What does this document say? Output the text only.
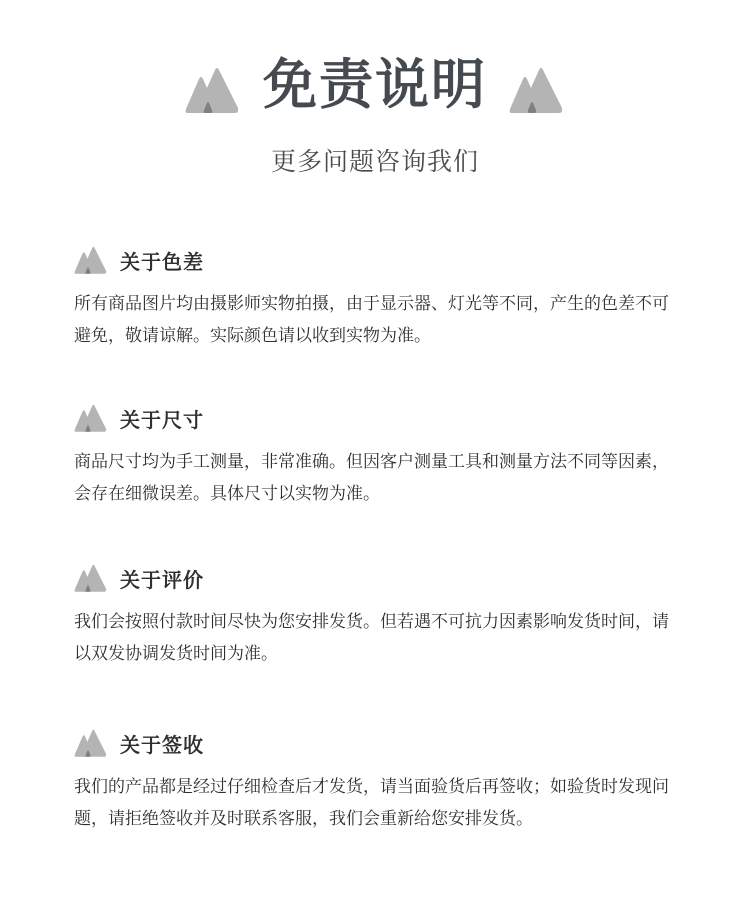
免责说明
更多问题咨询我们
关于色差
所有商品图片均由摄影师实物拍摄，由于显示器、灯光等不同，产生的色差不可避免，敬请谅解。实际颜色请以收到实物为准。
关于尺寸
商品尺寸均为手工测量，非常准确。但因客户测量工具和测量方法不同等因素，会存在细微误差。具体尺寸以实物为准。
关于评价
我们会按照付款时间尽快为您安排发货。但若遇不可抗力因素影响发货时间，请以双发协调发货时间为准。
关于签收
我们的产品都是经过仔细检查后才发货，请当面验货后再签收；如验货时发现问题，请拒绝签收并及时联系客服，我们会重新给您安排发货。
